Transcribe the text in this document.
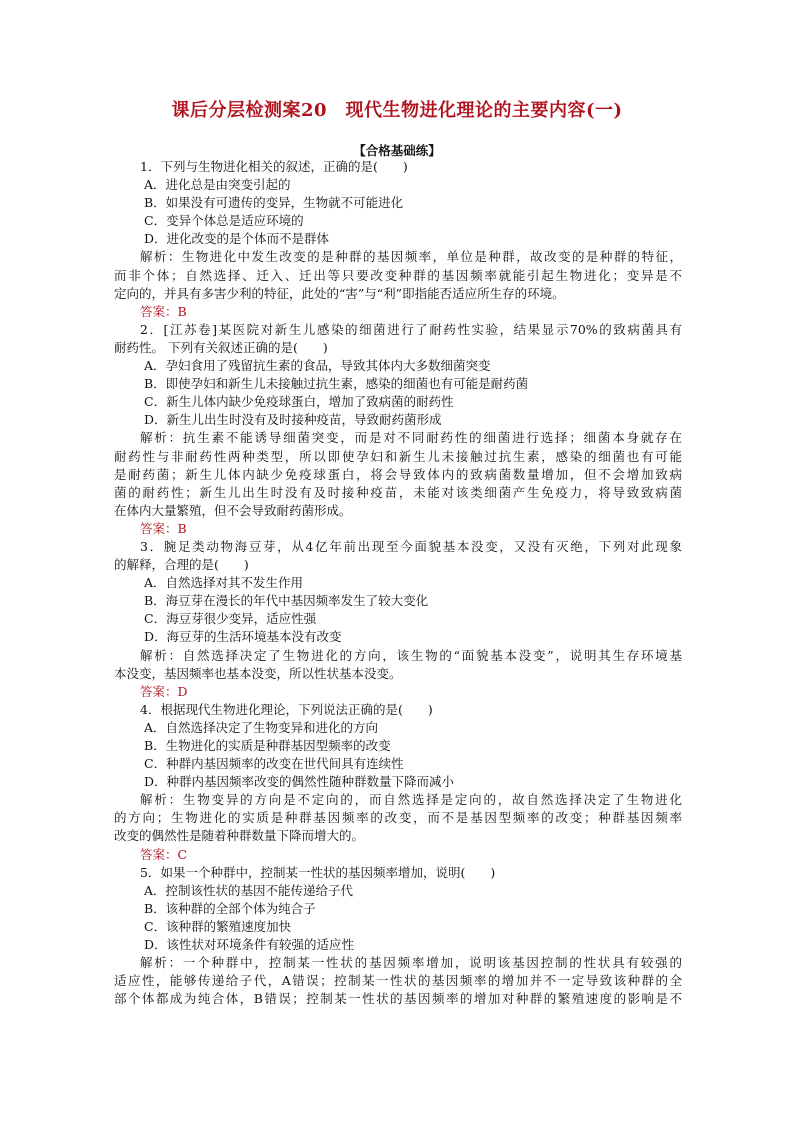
课后分层检测案20　现代生物进化理论的主要内容(一)
【合格基础练】
1．下列与生物进化相关的叙述，正确的是(　　)
A．进化总是由突变引起的
B．如果没有可遗传的变异，生物就不可能进化
C．变异个体总是适应环境的
D．进化改变的是个体而不是群体
解析：生物进化中发生改变的是种群的基因频率，单位是种群，故改变的是种群的特征，
而非个体；自然选择、迁入、迁出等只要改变种群的基因频率就能引起生物进化；变异是不
定向的，并具有多害少利的特征，此处的“害”与“利”即指能否适应所生存的环境。
答案：B
2．[江苏卷]某医院对新生儿感染的细菌进行了耐药性实验，结果显示70%的致病菌具有
耐药性。 下列有关叙述正确的是(　　)
A．孕妇食用了残留抗生素的食品，导致其体内大多数细菌突变
B．即使孕妇和新生儿未接触过抗生素，感染的细菌也有可能是耐药菌
C．新生儿体内缺少免疫球蛋白，增加了致病菌的耐药性
D．新生儿出生时没有及时接种疫苗，导致耐药菌形成
解析：抗生素不能诱导细菌突变，而是对不同耐药性的细菌进行选择；细菌本身就存在
耐药性与非耐药性两种类型，所以即使孕妇和新生儿未接触过抗生素，感染的细菌也有可能
是耐药菌；新生儿体内缺少免疫球蛋白，将会导致体内的致病菌数量增加，但不会增加致病
菌的耐药性；新生儿出生时没有及时接种疫苗，未能对该类细菌产生免疫力，将导致致病菌
在体内大量繁殖，但不会导致耐药菌形成。
答案：B
3．腕足类动物海豆芽，从4亿年前出现至今面貌基本没变，又没有灭绝，下列对此现象
的解释，合理的是(　　)
A．自然选择对其不发生作用
B．海豆芽在漫长的年代中基因频率发生了较大变化
C．海豆芽很少变异，适应性强
D．海豆芽的生活环境基本没有改变
解析：自然选择决定了生物进化的方向，该生物的“面貌基本没变”，说明其生存环境基
本没变，基因频率也基本没变，所以性状基本没变。
答案：D
4．根据现代生物进化理论，下列说法正确的是(　　)
A．自然选择决定了生物变异和进化的方向
B．生物进化的实质是种群基因型频率的改变
C．种群内基因频率的改变在世代间具有连续性
D．种群内基因频率改变的偶然性随种群数量下降而减小
解析：生物变异的方向是不定向的，而自然选择是定向的，故自然选择决定了生物进化
的方向；生物进化的实质是种群基因频率的改变，而不是基因型频率的改变；种群基因频率
改变的偶然性是随着种群数量下降而增大的。
答案：C
5．如果一个种群中，控制某一性状的基因频率增加，说明(　　)
A．控制该性状的基因不能传递给子代
B．该种群的全部个体为纯合子
C．该种群的繁殖速度加快
D．该性状对环境条件有较强的适应性
解析：一个种群中，控制某一性状的基因频率增加，说明该基因控制的性状具有较强的
适应性，能够传递给子代，A错误；控制某一性状的基因频率的增加并不一定导致该种群的全
部个体都成为纯合体，B错误；控制某一性状的基因频率的增加对种群的繁殖速度的影响是不
